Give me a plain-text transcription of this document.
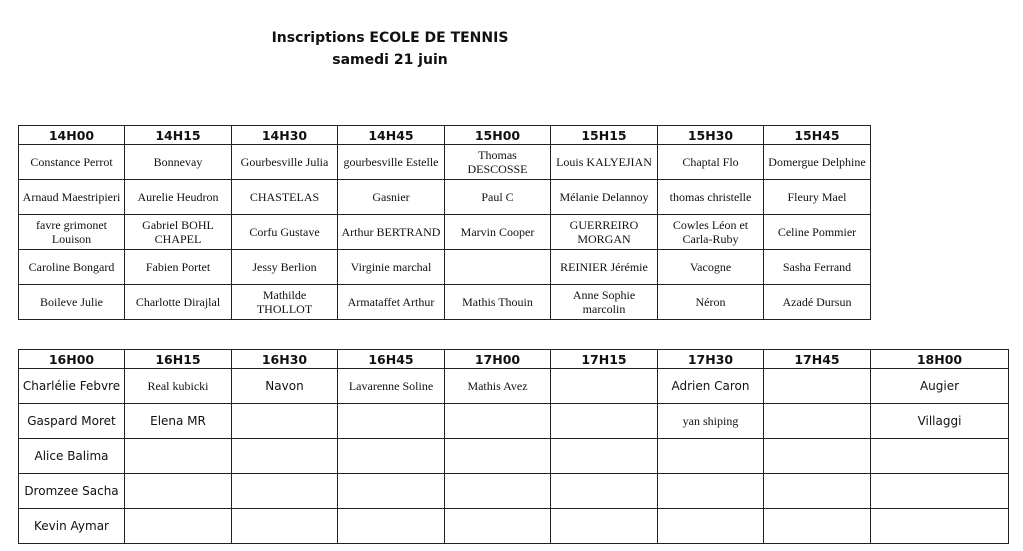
Inscriptions ECOLE DE TENNIS
samedi 21 juin
14H00	14H15	14H30	14H45	15H00	15H15	15H30	15H45
Constance Perrot	Bonnevay	Gourbesville Julia	gourbesville Estelle	Thomas DESCOSSE	Louis KALYEJIAN	Chaptal Flo	Domergue Delphine
Arnaud Maestripieri	Aurelie Heudron	CHASTELAS	Gasnier	Paul C	Mélanie Delannoy	thomas christelle	Fleury Mael
favre grimonet Louison	Gabriel BOHL CHAPEL	Corfu Gustave	Arthur BERTRAND	Marvin Cooper	GUERREIRO MORGAN	Cowles Léon et Carla-Ruby	Celine Pommier
Caroline Bongard	Fabien Portet	Jessy Berlion	Virginie marchal		REINIER Jérémie	Vacogne	Sasha Ferrand
Boileve Julie	Charlotte Dirajlal	Mathilde THOLLOT	Armataffet Arthur	Mathis Thouin	Anne Sophie marcolin	Néron	Azadé Dursun
16H00	16H15	16H30	16H45	17H00	17H15	17H30	17H45	18H00
Charlélie Febvre	Real kubicki	Navon	Lavarenne Soline	Mathis Avez		Adrien Caron		Augier
Gaspard Moret	Elena MR					yan shiping		Villaggi
Alice Balima								
Dromzee Sacha								
Kevin Aymar								
